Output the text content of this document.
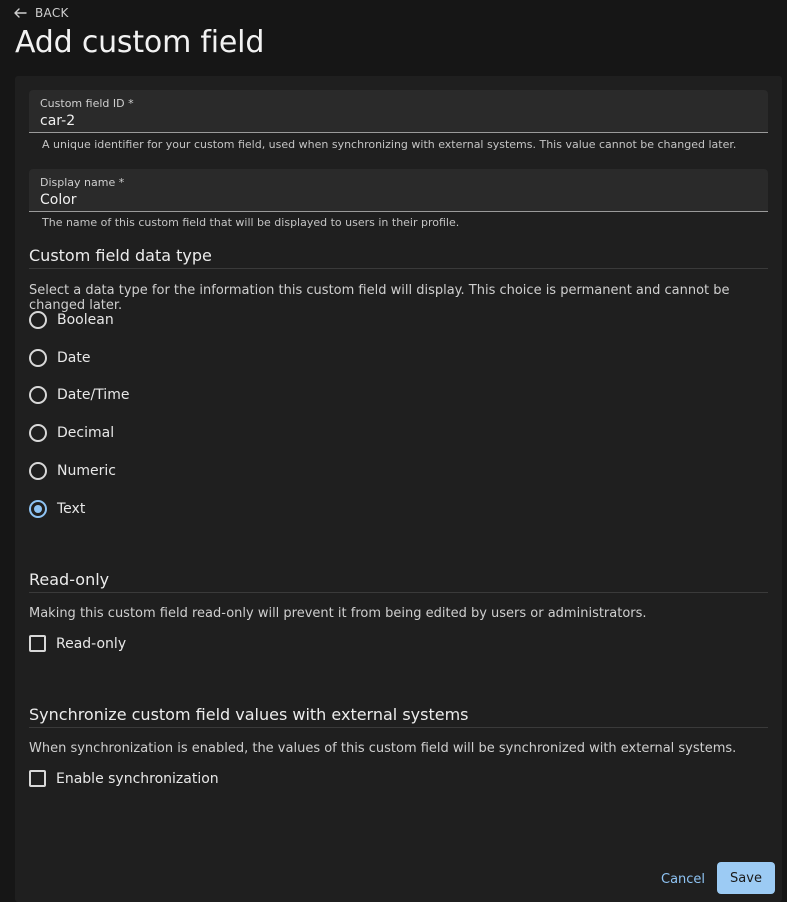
BACK
Add custom field
Custom field ID *
car-2
A unique identifier for your custom field, used when synchronizing with external systems. This value cannot be changed later.
Display name *
Color
The name of this custom field that will be displayed to users in their profile.
Custom field data type
Select a data type for the information this custom field will display. This choice is permanent and cannot be changed later.
Boolean
Date
Date/Time
Decimal
Numeric
Text
Read-only
Making this custom field read-only will prevent it from being edited by users or administrators.
Read-only
Synchronize custom field values with external systems
When synchronization is enabled, the values of this custom field will be synchronized with external systems.
Enable synchronization
Cancel	Save
